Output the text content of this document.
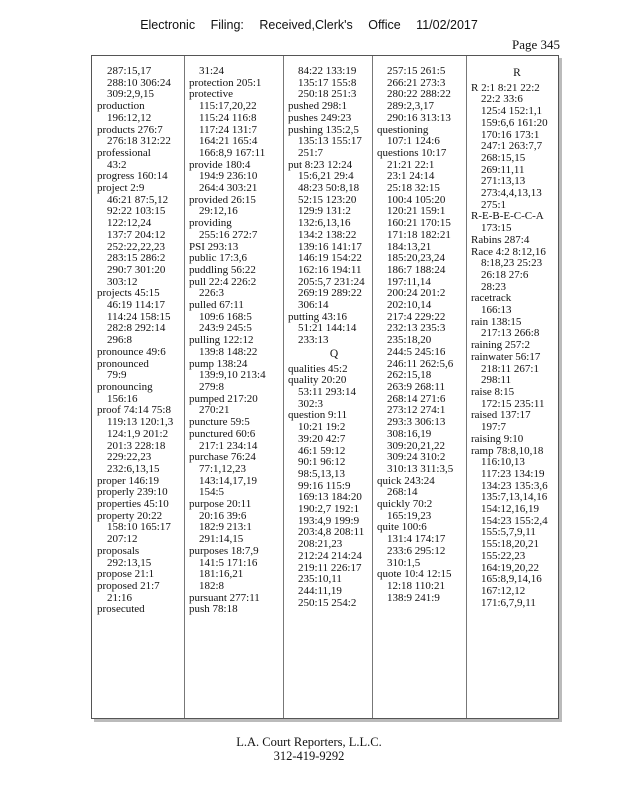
Electronic Filing: Received,Clerk's Office 11/02/2017
Page 345
287:15,17
288:10 306:24
309:2,9,15
production
196:12,12
products 276:7
276:18 312:22
professional
43:2
progress 160:14
project 2:9
46:21 87:5,12
92:22 103:15
122:12,24
137:7 204:12
252:22,22,23
283:15 286:2
290:7 301:20
303:12
projects 45:15
46:19 114:17
114:24 158:15
282:8 292:14
296:8
pronounce 49:6
pronounced
79:9
pronouncing
156:16
proof 74:14 75:8
119:13 120:1,3
124:1,9 201:2
201:3 228:18
229:22,23
232:6,13,15
proper 146:19
properly 239:10
properties 45:10
property 20:22
158:10 165:17
207:12
proposals
292:13,15
propose 21:1
proposed 21:7
21:16
prosecuted
31:24
protection 205:1
protective
115:17,20,22
115:24 116:8
117:24 131:7
164:21 165:4
166:8,9 167:11
provide 180:4
194:9 236:10
264:4 303:21
provided 26:15
29:12,16
providing
255:16 272:7
PSI 293:13
public 17:3,6
puddling 56:22
pull 22:4 226:2
226:3
pulled 67:11
109:6 168:5
243:9 245:5
pulling 122:12
139:8 148:22
pump 138:24
139:9,10 213:4
279:8
pumped 217:20
270:21
puncture 59:5
punctured 60:6
217:1 234:14
purchase 76:24
77:1,12,23
143:14,17,19
154:5
purpose 20:11
20:16 39:6
182:9 213:1
291:14,15
purposes 18:7,9
141:5 171:16
181:16,21
182:8
pursuant 277:11
push 78:18
84:22 133:19
135:17 155:8
250:18 251:3
pushed 298:1
pushes 249:23
pushing 135:2,5
135:13 155:17
251:7
put 8:23 12:24
15:6,21 29:4
48:23 50:8,18
52:15 123:20
129:9 131:2
132:6,13,16
134:2 138:22
139:16 141:17
146:19 154:22
162:16 194:11
205:5,7 231:24
269:19 289:22
306:14
putting 43:16
51:21 144:14
233:13
Q
qualities 45:2
quality 20:20
53:11 293:14
302:3
question 9:11
10:21 19:2
39:20 42:7
46:1 59:12
90:1 96:12
98:5,13,13
99:16 115:9
169:13 184:20
190:2,7 192:1
193:4,9 199:9
203:4,8 208:11
208:21,23
212:24 214:24
219:11 226:17
235:10,11
244:11,19
250:15 254:2
257:15 261:5
266:21 273:3
280:22 288:22
289:2,3,17
290:16 313:13
questioning
107:1 124:6
questions 10:17
21:21 22:1
23:1 24:14
25:18 32:15
100:4 105:20
120:21 159:1
160:21 170:15
171:18 182:21
184:13,21
185:20,23,24
186:7 188:24
197:11,14
200:24 201:2
202:10,14
217:4 229:22
232:13 235:3
235:18,20
244:5 245:16
246:11 262:5,6
262:15,18
263:9 268:11
268:14 271:6
273:12 274:1
293:3 306:13
308:16,19
309:20,21,22
309:24 310:2
310:13 311:3,5
quick 243:24
268:14
quickly 70:2
165:19,23
quite 100:6
131:4 174:17
233:6 295:12
310:1,5
quote 10:4 12:15
12:18 110:21
138:9 241:9
R
R 2:1 8:21 22:2
22:2 33:6
125:4 152:1,1
159:6,6 161:20
170:16 173:1
247:1 263:7,7
268:15,15
269:11,11
271:13,13
273:4,4,13,13
275:1
R-E-B-E-C-C-A
173:15
Rabins 287:4
Race 4:2 8:12,16
8:18,23 25:23
26:18 27:6
28:23
racetrack
166:13
rain 138:15
217:13 266:8
raining 257:2
rainwater 56:17
218:11 267:1
298:11
raise 8:15
172:15 235:11
raised 137:17
197:7
raising 9:10
ramp 78:8,10,18
116:10,13
117:23 134:19
134:23 135:3,6
135:7,13,14,16
154:12,16,19
154:23 155:2,4
155:5,7,9,11
155:18,20,21
155:22,23
164:19,20,22
165:8,9,14,16
167:12,12
171:6,7,9,11
L.A. Court Reporters, L.L.C.
312-419-9292
